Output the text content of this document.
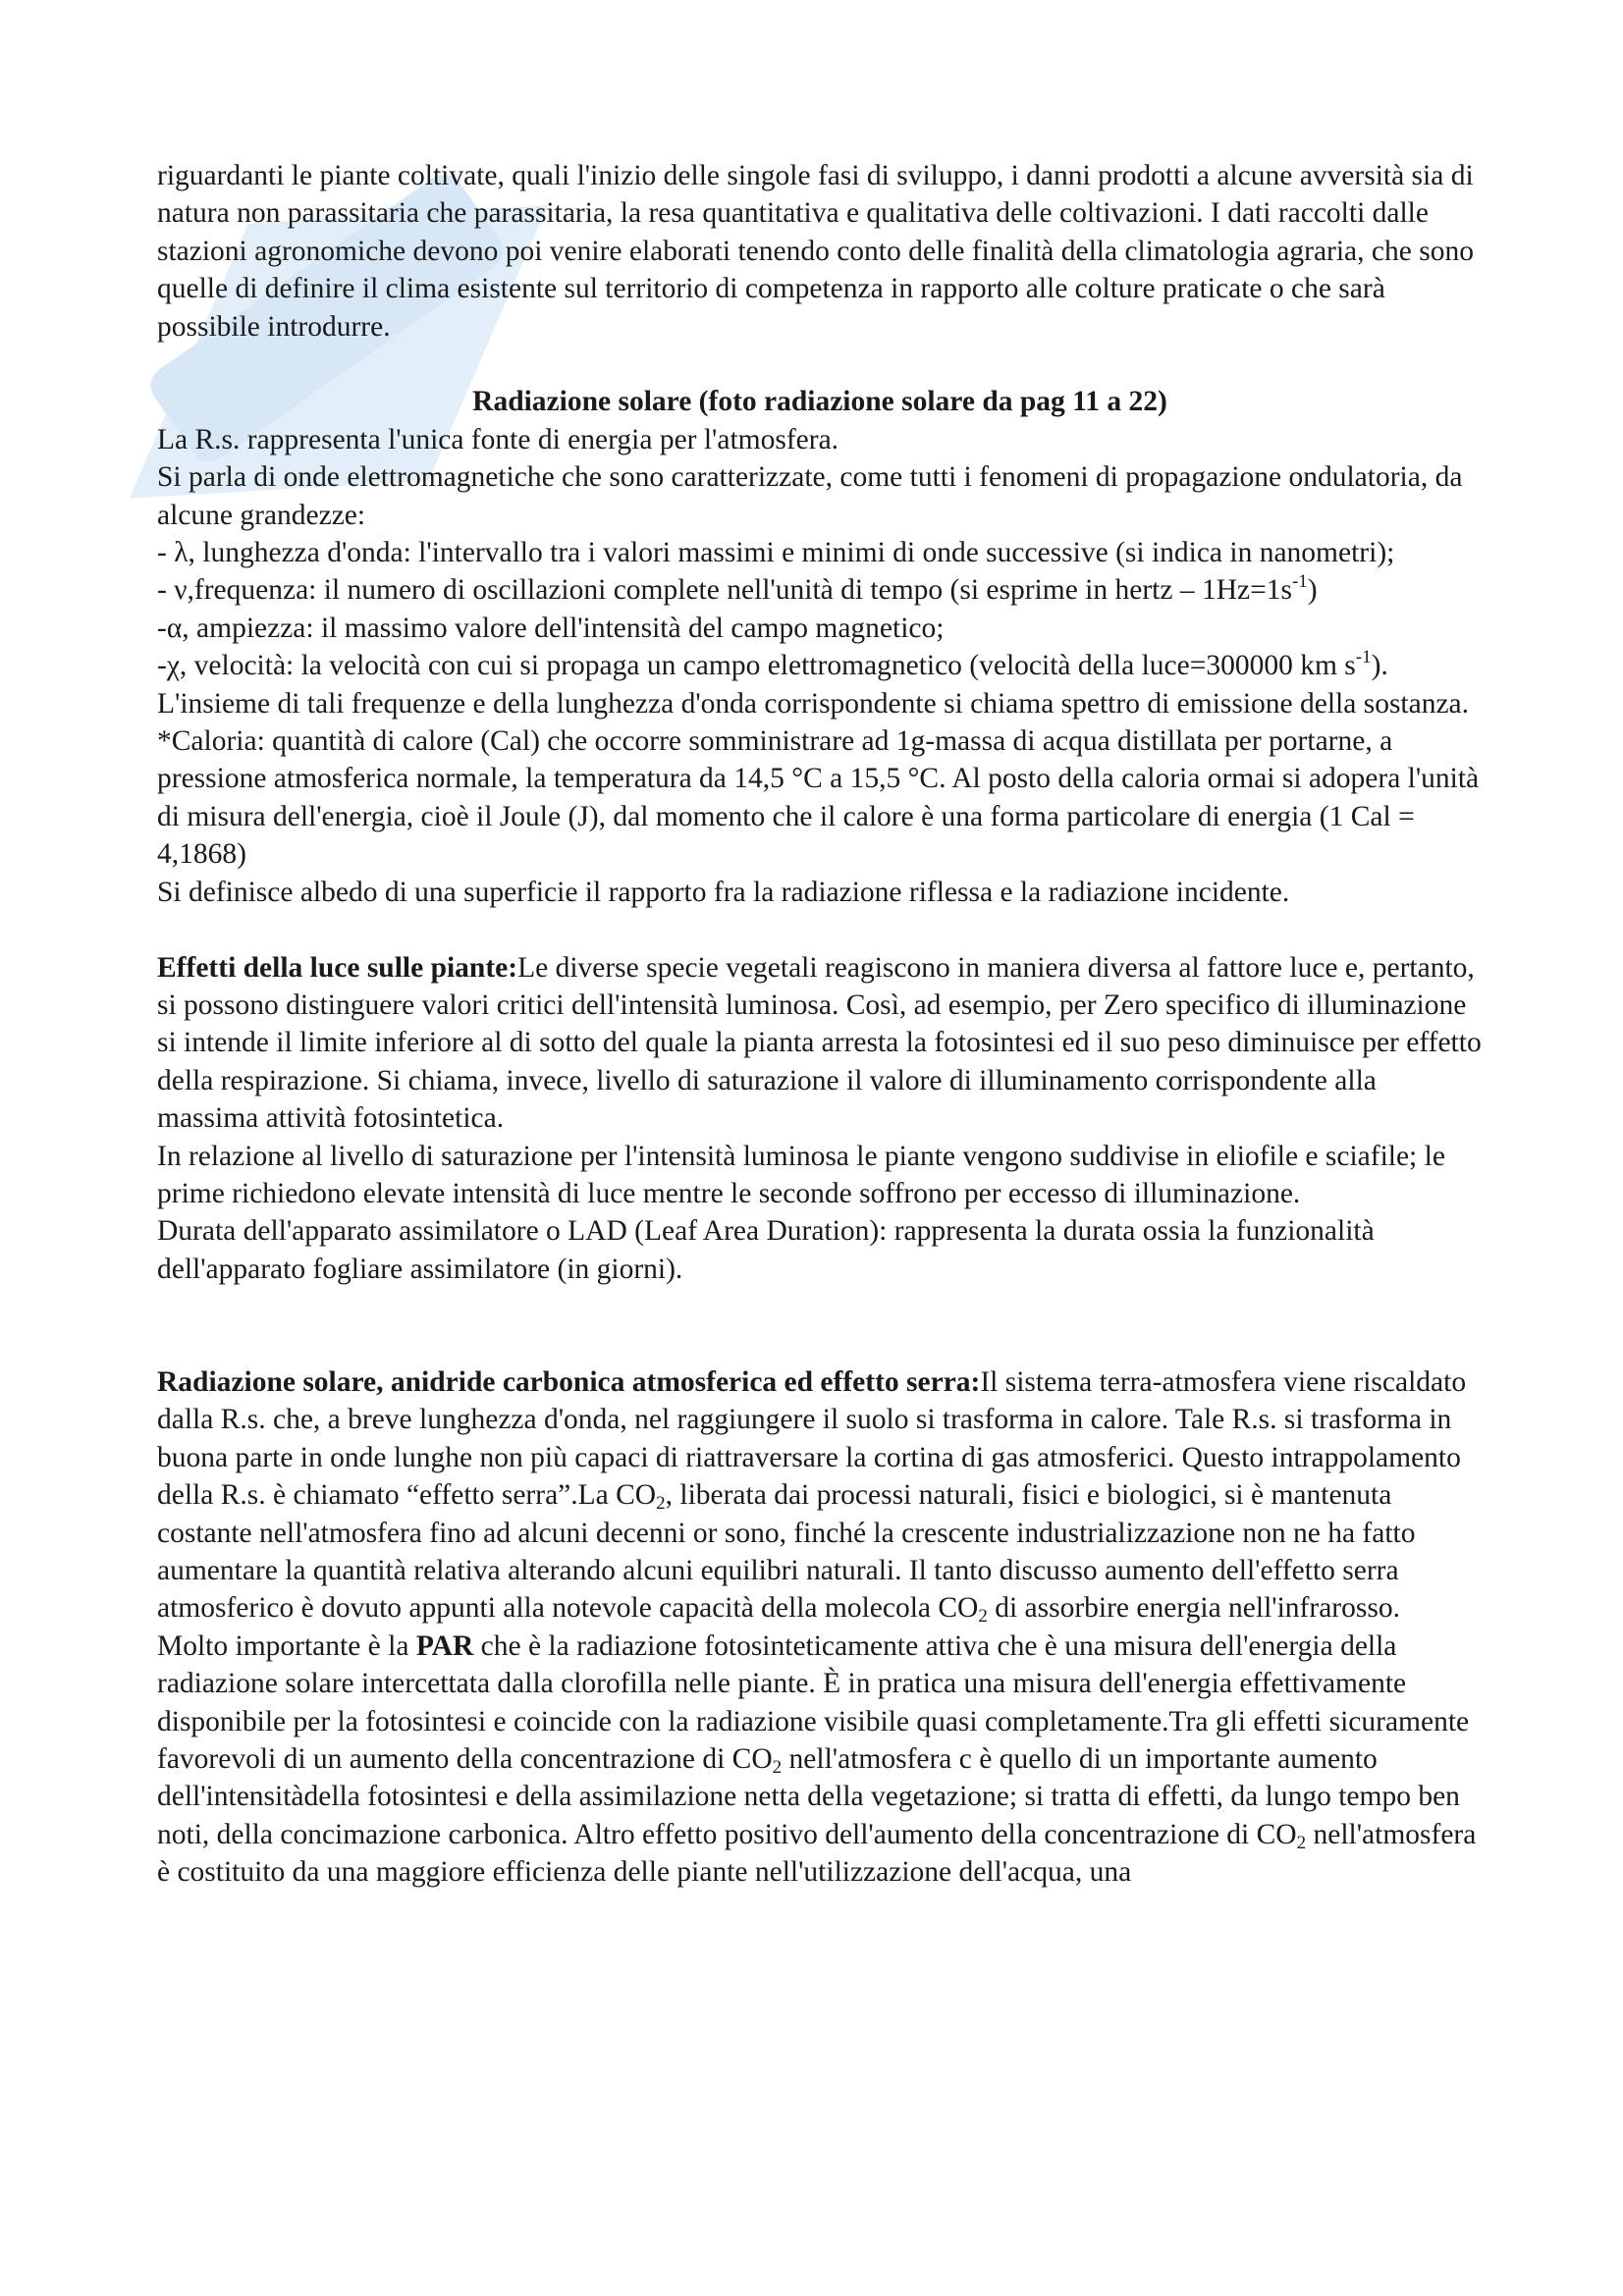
riguardanti le piante coltivate, quali l'inizio delle singole fasi di sviluppo, i danni prodotti a alcune avversità sia di natura non parassitaria che parassitaria, la resa quantitativa e qualitativa delle coltivazioni. I dati raccolti dalle stazioni agronomiche devono poi venire elaborati tenendo conto delle finalità della climatologia agraria, che sono quelle di definire il clima esistente sul territorio di competenza in rapporto alle colture praticate o che sarà possibile introdurre.

Radiazione solare (foto radiazione solare da pag 11 a 22)

La R.s. rappresenta l'unica fonte di energia per l'atmosfera.

Si parla di onde elettromagnetiche che sono caratterizzate, come tutti i fenomeni di propagazione ondulatoria, da alcune grandezze:

- λ, lunghezza d'onda: l'intervallo tra i valori massimi e minimi di onde successive (si indica in nanometri);

- ν,frequenza: il numero di oscillazioni complete nell'unità di tempo (si esprime in hertz – $1Hz=1s^{-1}$)

-α, ampiezza: il massimo valore dell'intensità del campo magnetico;

-χ, velocità: la velocità con cui si propaga un campo elettromagnetico (velocità della luce=300000 km $s^{-1}$).

L'insieme di tali frequenze e della lunghezza d'onda corrispondente si chiama spettro di emissione della sostanza.

*Caloria: quantità di calore (Cal) che occorre somministrare ad 1g-massa di acqua distillata per portarne, a pressione atmosferica normale, la temperatura da 14,5 °C a 15,5 °C. Al posto della caloria ormai si adopera l'unità di misura dell'energia, cioè il Joule (J), dal momento che il calore è una forma particolare di energia (1 Cal = 4,1868)

Si definisce albedo di una superficie il rapporto fra la radiazione riflessa e la radiazione incidente.

Effetti della luce sulle piante:Le diverse specie vegetali reagiscono in maniera diversa al fattore luce e, pertanto, si possono distinguere valori critici dell'intensità luminosa. Così, ad esempio, per Zero specifico di illuminazione si intende il limite inferiore al di sotto del quale la pianta arresta la fotosintesi ed il suo peso diminuisce per effetto della respirazione. Si chiama, invece, livello di saturazione il valore di illuminamento corrispondente alla massima attività fotosintetica.

In relazione al livello di saturazione per l'intensità luminosa le piante vengono suddivise in eliofile e sciafile; le prime richiedono elevate intensità di luce mentre le seconde soffrono per eccesso di illuminazione.

Durata dell'apparato assimilatore o LAD (Leaf Area Duration): rappresenta la durata ossia la funzionalità dell'apparato fogliare assimilatore (in giorni).

Radiazione solare, anidride carbonica atmosferica ed effetto serra:Il sistema terra-atmosfera viene riscaldato dalla R.s. che, a breve lunghezza d'onda, nel raggiungere il suolo si trasforma in calore. Tale R.s. si trasforma in buona parte in onde lunghe non più capaci di riattraversare la cortina di gas atmosferici. Questo intrappolamento della R.s. è chiamato “effetto serra”.La $CO_2$, liberata dai processi naturali, fisici e biologici, si è mantenuta costante nell'atmosfera fino ad alcuni decenni or sono, finché la crescente industrializzazione non ne ha fatto aumentare la quantità relativa alterando alcuni equilibri naturali. Il tanto discusso aumento dell'effetto serra atmosferico è dovuto appunti alla notevole capacità della molecola $CO_2$ di assorbire energia nell'infrarosso.

Molto importante è la PAR che è la radiazione fotosinteticamente attiva che è una misura dell'energia della radiazione solare intercettata dalla clorofilla nelle piante. È in pratica una misura dell'energia effettivamente disponibile per la fotosintesi e coincide con la radiazione visibile quasi completamente.Tra gli effetti sicuramente favorevoli di un aumento della concentrazione di $CO_2$ nell'atmosfera c è quello di un importante aumento dell'intensitàdella fotosintesi e della assimilazione netta della vegetazione; si tratta di effetti, da lungo tempo ben noti, della concimazione carbonica. Altro effetto positivo dell'aumento della concentrazione di $CO_2$ nell'atmosfera è costituito da una maggiore efficienza delle piante nell'utilizzazione dell'acqua, una
